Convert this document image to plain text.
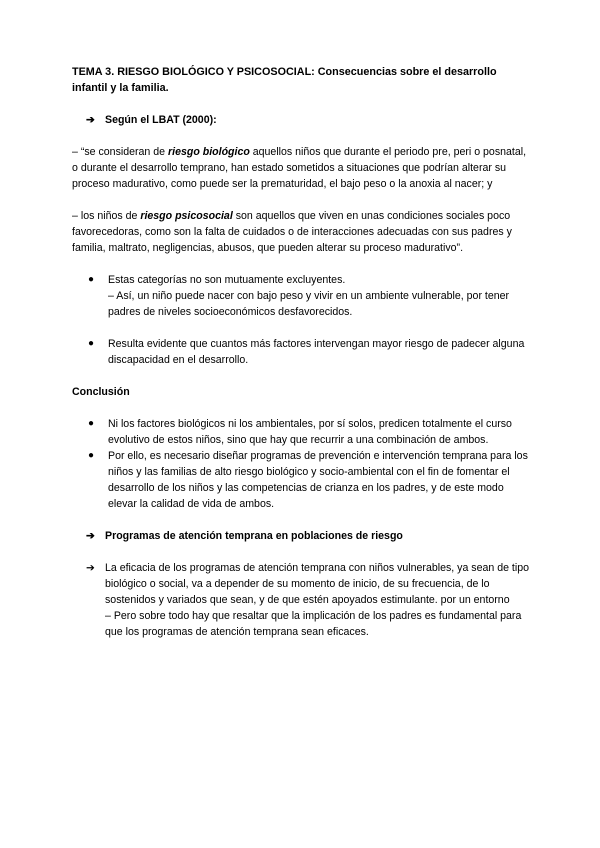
TEMA 3. RIESGO BIOLÓGICO Y PSICOSOCIAL: Consecuencias sobre el desarrollo
infantil y la familia.

➔ Según el LBAT (2000):

– “se consideran de riesgo biológico aquellos niños que durante el periodo pre, peri o posnatal, o durante el desarrollo temprano, han estado sometidos a situaciones que podrían alterar su proceso madurativo, como puede ser la prematuridad, el bajo peso o la anoxia al nacer; y

– los niños de riesgo psicosocial son aquellos que viven en unas condiciones sociales poco favorecedoras, como son la falta de cuidados o de interacciones adecuadas con sus padres y familia, maltrato, negligencias, abusos, que pueden alterar su proceso madurativo”.

●	Estas categorías no son mutuamente excluyentes.
– Así, un niño puede nacer con bajo peso y vivir en un ambiente vulnerable, por tener padres de niveles socioeconómicos desfavorecidos.
●	Resulta evidente que cuantos más factores intervengan mayor riesgo de padecer alguna discapacidad en el desarrollo.

Conclusión

●	Ni los factores biológicos ni los ambientales, por sí solos, predicen totalmente el curso evolutivo de estos niños, sino que hay que recurrir a una combinación de ambos.
●	Por ello, es necesario diseñar programas de prevención e intervención temprana para los niños y las familias de alto riesgo biológico y socio-ambiental con el fin de fomentar el desarrollo de los niños y las competencias de crianza en los padres, y de este modo elevar la calidad de vida de ambos.
➔ Programas de atención temprana en poblaciones de riesgo
➔ La eficacia de los programas de atención temprana con niños vulnerables, ya sean de tipo biológico o social, va a depender de su momento de inicio, de su frecuencia, de lo sostenidos y variados que sean, y de que estén apoyados estimulante. por un entorno
– Pero sobre todo hay que resaltar que la implicación de los padres es fundamental para que los programas de atención temprana sean eficaces.
